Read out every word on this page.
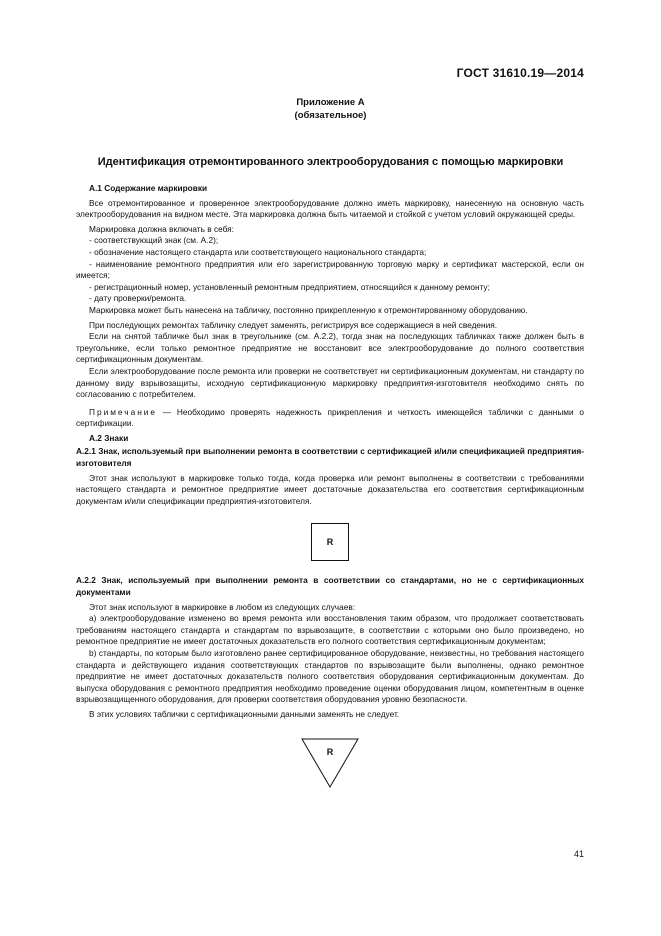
ГОСТ 31610.19—2014
Приложение А
(обязательное)
Идентификация отремонтированного электрооборудования с помощью маркировки

А.1 Содержание маркировки

Все отремонтированное и проверенное электрооборудование должно иметь маркировку, нанесенную на основную часть электрооборудования на видном месте. Эта маркировка должна быть читаемой и стойкой с учетом условий окружающей среды.

Маркировка должна включать в себя:

- соответствующий знак (см. А.2);

- обозначение настоящего стандарта или соответствующего национального стандарта;

- наименование ремонтного предприятия или его зарегистрированную торговую марку и сертификат мастерской, если он имеется;

- регистрационный номер, установленный ремонтным предприятием, относящийся к данному ремонту;

- дату проверки/ремонта.

Маркировка может быть нанесена на табличку, постоянно прикрепленную к отремонтированному оборудованию.

При последующих ремонтах табличку следует заменять, регистрируя все содержащиеся в ней сведения.

Если на снятой табличке был знак в треугольнике (см. А.2.2), тогда знак на последующих табличках также должен быть в треугольнике, если только ремонтное предприятие не восстановит все электрооборудование до полного соответствия сертификационным документам.

Если электрооборудование после ремонта или проверки не соответствует ни сертификационным документам, ни стандарту по данному виду взрывозащиты, исходную сертификационную маркировку предприятия-изготовителя необходимо снять по согласованию с потребителем.

Примечание — Необходимо проверять надежность прикрепления и четкость имеющейся таблички с данными о сертификации.

А.2 Знаки

А.2.1 Знак, используемый при выполнении ремонта в соответствии с сертификацией и/или спецификацией предприятия-изготовителя

Этот знак используют в маркировке только тогда, когда проверка или ремонт выполнены в соответствии с требованиями настоящего стандарта и ремонтное предприятие имеет достаточные доказательства его соответствия сертификационным документам и/или спецификации предприятия-изготовителя.

R

А.2.2 Знак, используемый при выполнении ремонта в соответствии со стандартами, но не с сертификационных документами

Этот знак используют в маркировке в любом из следующих случаев:

а) электрооборудование изменено во время ремонта или восстановления таким образом, что продолжает соответствовать требованиям настоящего стандарта и стандартам по взрывозащите, в соответствии с которыми оно было произведено, но ремонтное предприятие не имеет достаточных доказательств его полного соответствия сертификационным документам;

b) стандарты, по которым было изготовлено ранее сертифицированное оборудование, неизвестны, но требования настоящего стандарта и действующего издания соответствующих стандартов по взрывозащите были выполнены, однако ремонтное предприятие не имеет достаточных доказательств полного соответствия оборудования сертификационным документам. До выпуска оборудования с ремонтного предприятия необходимо проведение оценки оборудования лицом, компетентным в оценке взрывозащищенного оборудования, для проверки соответствия оборудования уровню безопасности.

В этих условиях таблички с сертификационными данными заменять не следует.

R
41
